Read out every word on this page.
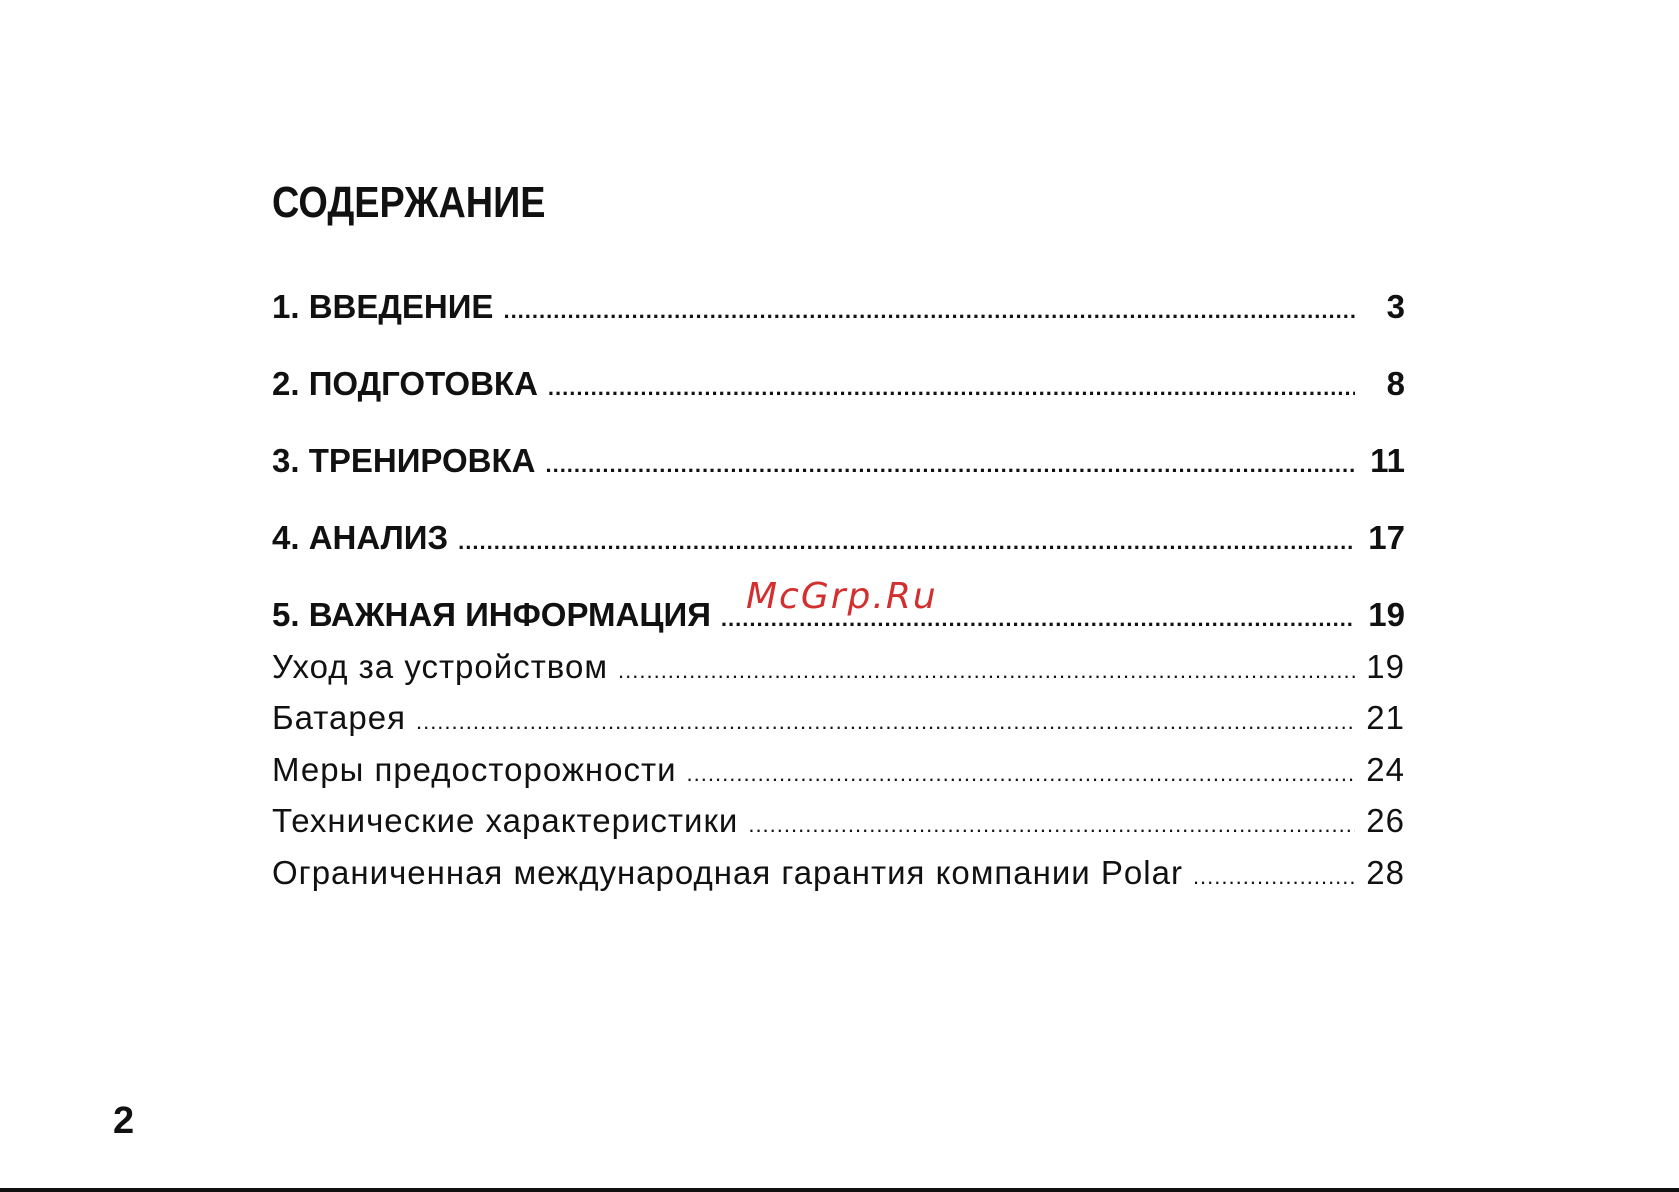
СОДЕРЖАНИЕ
1. ВВЕДЕНИЕ .....	3
2. ПОДГОТОВКА .....	8
3. ТРЕНИРОВКА .....	11
4. АНАЛИЗ .....	17
5. ВАЖНАЯ ИНФОРМАЦИЯ .....	19
Уход за устройством .....	19
Батарея .....	21
Меры предосторожности .....	24
Технические характеристики .....	26
Ограниченная международная гарантия компании Polar .....	28
McGrp.Ru
2
